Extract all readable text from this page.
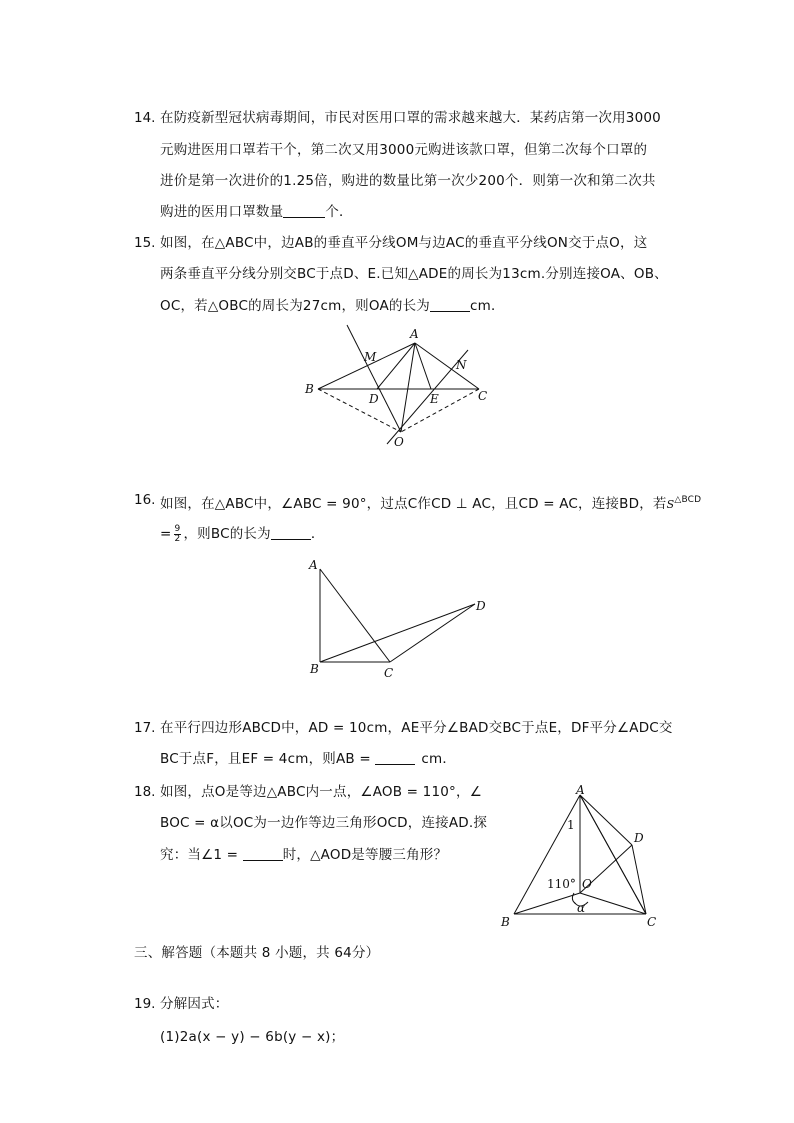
14. 在防疫新型冠状病毒期间，市民对医用口罩的需求越来越大．某药店第一次用3000
元购进医用口罩若干个，第二次又用3000元购进该款口罩，但第二次每个口罩的
进价是第一次进价的1.25倍，购进的数量比第一次少200个．则第一次和第二次共
购进的医用口罩数量	个．
15. 如图，在△ABC中，边AB的垂直平分线OM与边AC的垂直平分线ON交于点O，这
两条垂直平分线分别交BC于点D、E.已知△ADE的周长为13cm.分别连接OA、OB、
OC，若△OBC的周长为27cm，则OA的长为	cm．
A
B	C
D	E
M
N
O
16. 如图，在△ABC中，∠ABC = 90°，过点C作CD ⊥ AC，且CD = AC，连接BD，若$S^{\triangle BCD}$
= $\frac{9}{2}$ ，则BC的长为	．
A
B	C
D
17. 在平行四边形ABCD中，AD = 10cm，AE平分∠BAD交BC于点E，DF平分∠ADC交
BC于点F，且EF = 4cm，则AB =	cm．
18. 如图，点O是等边△ABC内一点，∠AOB = 110°，∠
BOC = α以OC为一边作等边三角形OCD，连接AD.探
究：当∠1 =	时，△AOD是等腰三角形？
A
B	C
D
O
1
110°
α
三、解答题（本题共 8 小题，共 64分）
19. 分解因式：
(1)2a(x − y) − 6b(y − x)；
